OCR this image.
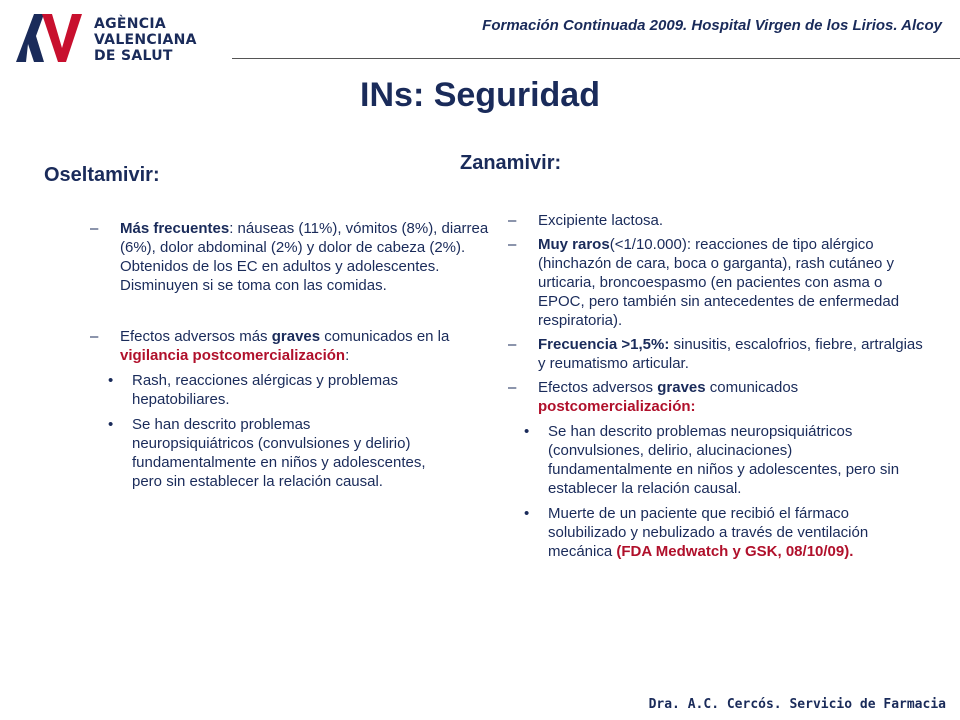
AGÈNCIA
VALENCIANA
DE SALUT
Formación Continuada 2009. Hospital Virgen de los Lirios. Alcoy
INs: Seguridad

Oseltamivir:

– Más frecuentes: náuseas (11%), vómitos (8%), diarrea (6%), dolor abdominal (2%) y dolor de cabeza (2%). Obtenidos de los EC en adultos y adolescentes. Disminuyen si se toma con las comidas.
– Efectos adversos más graves comunicados en la vigilancia postcomercialización:
• Rash, reacciones alérgicas y problemas hepatobiliares.
• Se han descrito problemas neuropsiquiátricos (convulsiones y delirio) fundamentalmente en niños y adolescentes, pero sin establecer la relación causal.

Zanamivir:

– Excipiente lactosa.
– Muy raros(<1/10.000): reacciones de tipo alérgico (hinchazón de cara, boca o garganta), rash cutáneo y urticaria, broncoespasmo (en pacientes con asma o EPOC, pero también sin antecedentes de enfermedad respiratoria).
– Frecuencia >1,5%: sinusitis, escalofrios, fiebre, artralgias y reumatismo articular.
– Efectos adversos graves comunicados postcomercialización:
• Se han descrito problemas neuropsiquiátricos (convulsiones, delirio, alucinaciones) fundamentalmente en niños y adolescentes, pero sin establecer la relación causal.
• Muerte de un paciente que recibió el fármaco solubilizado y nebulizado a través de ventilación mecánica (FDA Medwatch y GSK, 08/10/09).
Dra. A.C. Cercós. Servicio de Farmacia
